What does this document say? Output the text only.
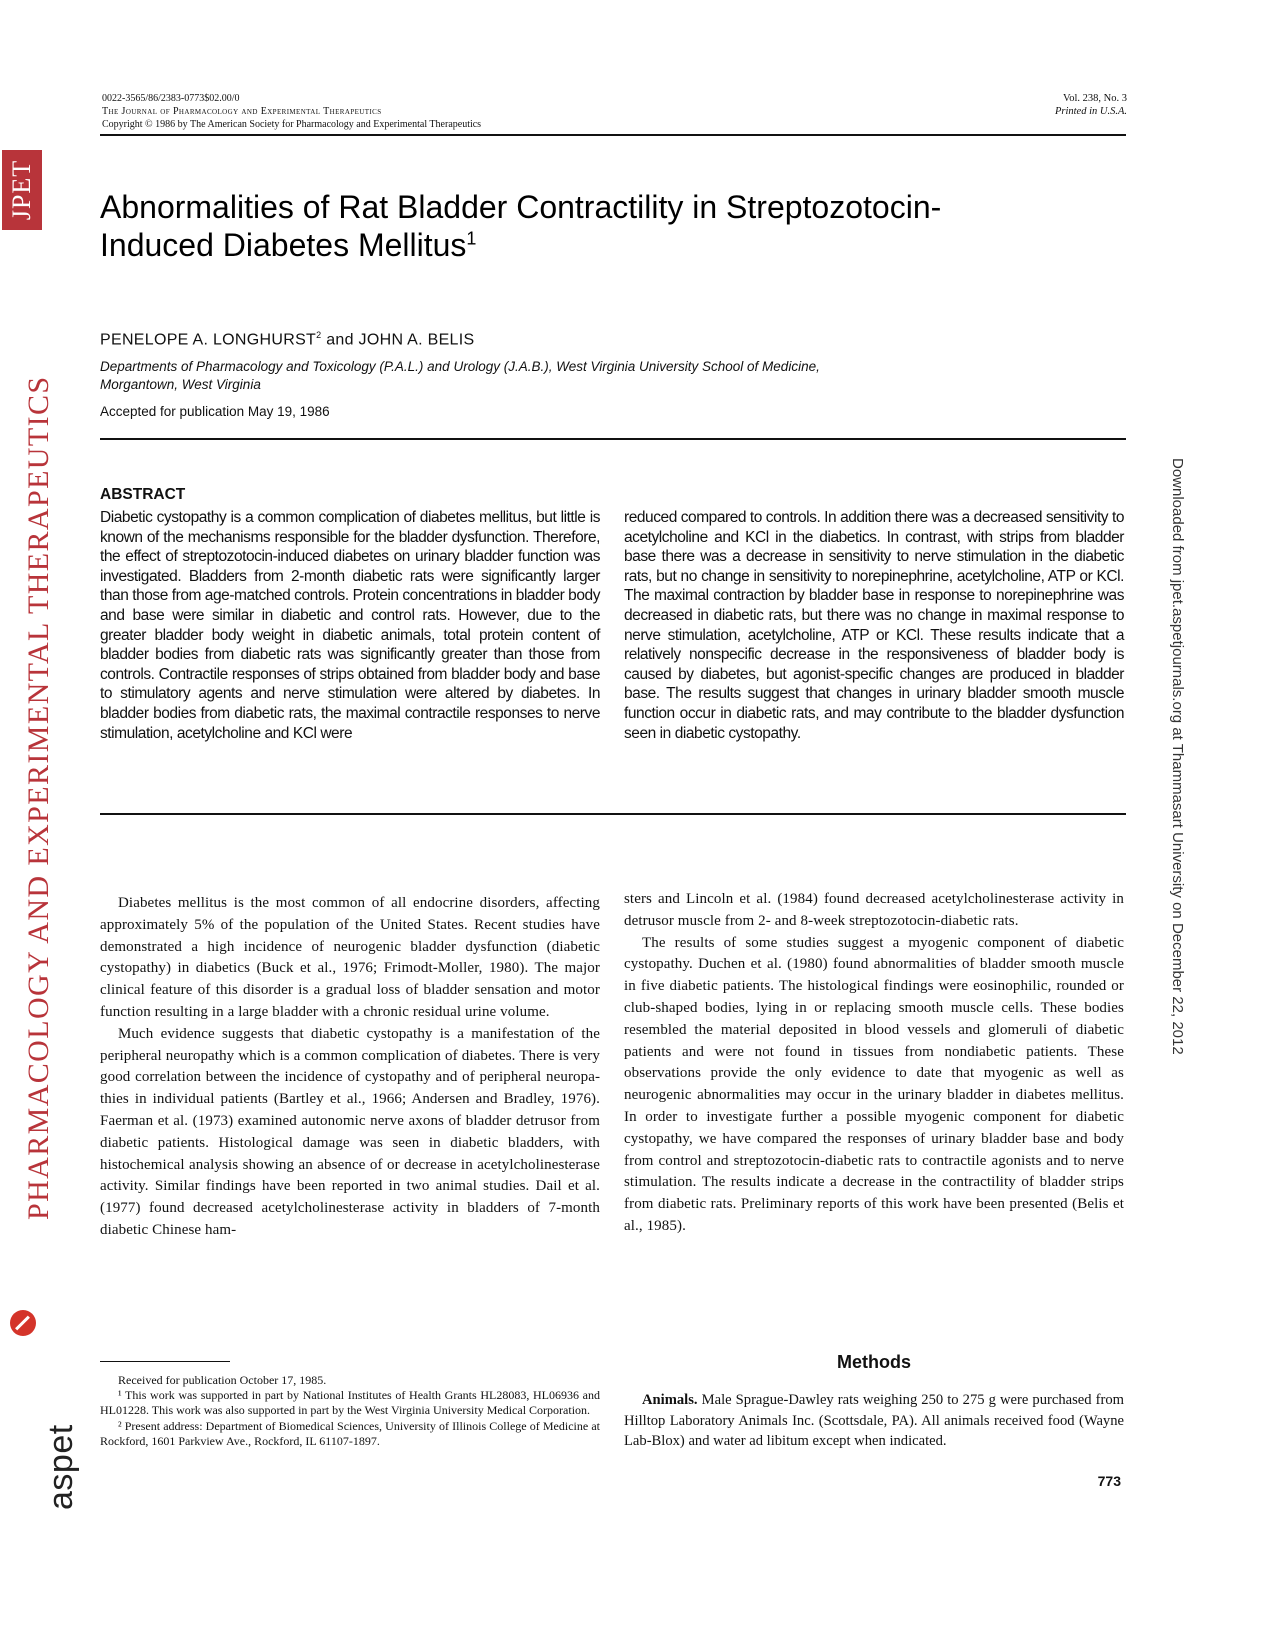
JPET
PHARMACOLOGY AND EXPERIMENTAL THERAPEUTICS
aspet
Downloaded from jpet.aspetjournals.org at Thammasart University on December 22, 2012
0022-3565/86/2383-0773$02.00/0
The Journal of Pharmacology and Experimental Therapeutics
Copyright © 1986 by The American Society for Pharmacology and Experimental Therapeutics
Vol. 238, No. 3
Printed in U.S.A.
Abnormalities of Rat Bladder Contractility in Streptozotocin-
Induced Diabetes Mellitus$^1$
PENELOPE A. LONGHURST$^2$ and JOHN A. BELIS
Departments of Pharmacology and Toxicology (P.A.L.) and Urology (J.A.B.), West Virginia University School of Medicine,
Morgantown, West Virginia
Accepted for publication May 19, 1986
ABSTRACT
Diabetic cystopathy is a common complication of diabetes mellitus, but little is known of the mechanisms responsible for the bladder dysfunction. Therefore, the effect of streptozotocin-induced diabetes on urinary bladder function was investigated. Bladders from 2-month diabetic rats were significantly larger than those from age-matched controls. Protein concentrations in bladder body and base were similar in diabetic and control rats. However, due to the greater bladder body weight in diabetic animals, total protein content of bladder bodies from diabetic rats was significantly greater than those from controls. Contractile responses of strips obtained from bladder body and base to stimulatory agents and nerve stimulation were altered by diabetes. In bladder bodies from diabetic rats, the maximal contractile responses to nerve stimulation, acetylcholine and KCl were
reduced compared to controls. In addition there was a decreased sensitivity to acetylcholine and KCl in the diabetics. In contrast, with strips from bladder base there was a decrease in sensitivity to nerve stimulation in the diabetic rats, but no change in sensitivity to norepinephrine, acetylcholine, ATP or KCl. The maximal contraction by bladder base in response to norepinephrine was decreased in diabetic rats, but there was no change in maximal response to nerve stimulation, acetylcholine, ATP or KCl. These results indicate that a relatively nonspecific decrease in the responsiveness of bladder body is caused by diabetes, but agonist-specific changes are produced in bladder base. The results suggest that changes in urinary bladder smooth muscle function occur in diabetic rats, and may contribute to the bladder dysfunction seen in diabetic cystopathy.

Diabetes mellitus is the most common of all endocrine disorders, affecting approximately 5% of the population of the United States. Recent studies have demonstrated a high incidence of neurogenic bladder dysfunction (diabetic cystopathy) in diabetics (Buck et al., 1976; Frimodt-Moller, 1980). The major clinical feature of this disorder is a gradual loss of bladder sensation and motor function resulting in a large bladder with a chronic residual urine volume.

Much evidence suggests that diabetic cystopathy is a manifestation of the peripheral neuropathy which is a common complication of diabetes. There is very good correlation between the incidence of cystopathy and of peripheral neuropathies in individual patients (Bartley et al., 1966; Andersen and Bradley, 1976). Faerman et al. (1973) examined autonomic nerve axons of bladder detrusor from diabetic patients. Histological damage was seen in diabetic bladders, with histochemical analysis showing an absence of or decrease in acetylcholinesterase activity. Similar findings have been reported in two animal studies. Dail et al. (1977) found decreased acetylcholinesterase activity in bladders of 7-month diabetic Chinese ham-

Received for publication October 17, 1985.

¹ This work was supported in part by National Institutes of Health Grants HL28083, HL06936 and HL01228. This work was also supported in part by the West Virginia University Medical Corporation.

² Present address: Department of Biomedical Sciences, University of Illinois College of Medicine at Rockford, 1601 Parkview Ave., Rockford, IL 61107-1897.

sters and Lincoln et al. (1984) found decreased acetylcholinesterase activity in detrusor muscle from 2- and 8-week streptozotocin-diabetic rats.

The results of some studies suggest a myogenic component of diabetic cystopathy. Duchen et al. (1980) found abnormalities of bladder smooth muscle in five diabetic patients. The histological findings were eosinophilic, rounded or club-shaped bodies, lying in or replacing smooth muscle cells. These bodies resembled the material deposited in blood vessels and glomeruli of diabetic patients and were not found in tissues from nondiabetic patients. These observations provide the only evidence to date that myogenic as well as neurogenic abnormalities may occur in the urinary bladder in diabetes mellitus. In order to investigate further a possible myogenic component for diabetic cystopathy, we have compared the responses of urinary bladder base and body from control and streptozotocin-diabetic rats to contractile agonists and to nerve stimulation. The results indicate a decrease in the contractility of bladder strips from diabetic rats. Preliminary reports of this work have been presented (Belis et al., 1985).

Methods

Animals. Male Sprague-Dawley rats weighing 250 to 275 g were purchased from Hilltop Laboratory Animals Inc. (Scottsdale, PA). All animals received food (Wayne Lab-Blox) and water ad libitum except when indicated.

773
